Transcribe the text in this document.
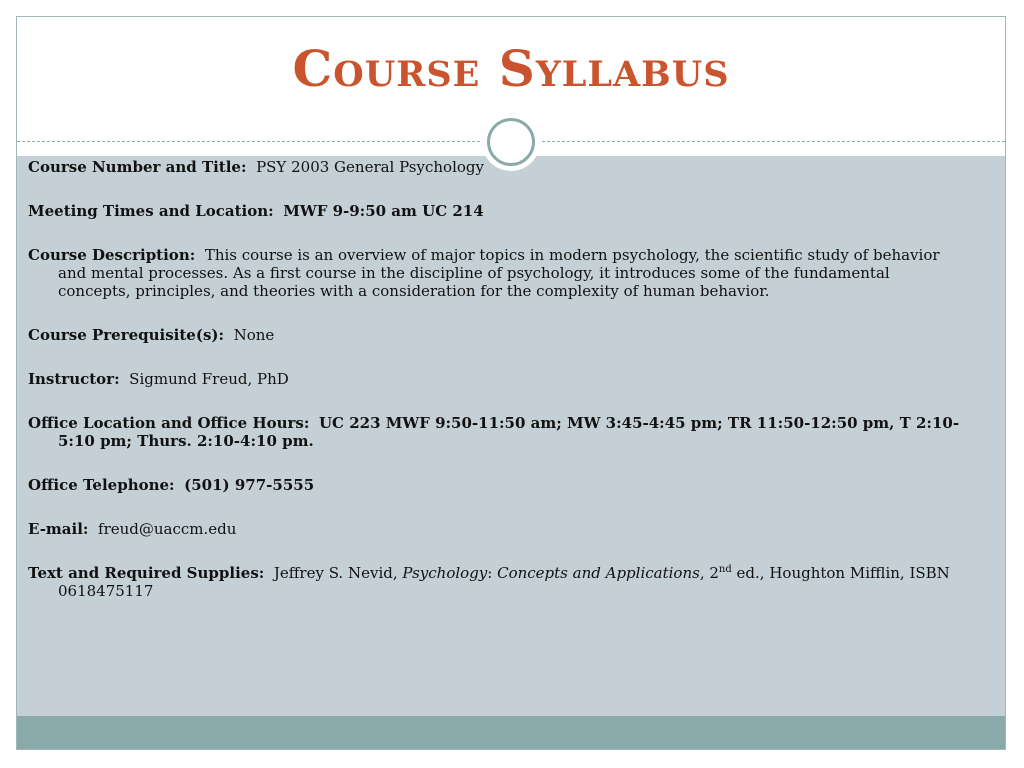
Course Syllabus

Course Number and Title: PSY 2003 General Psychology

Meeting Times and Location: MWF 9-9:50 am UC 214

Course Description: This course is an overview of major topics in modern psychology, the scientific study of behavior and mental processes. As a first course in the discipline of psychology, it introduces some of the fundamental concepts, principles, and theories with a consideration for the complexity of human behavior.

Course Prerequisite(s): None

Instructor: Sigmund Freud, PhD

Office Location and Office Hours: UC 223 MWF 9:50-11:50 am; MW 3:45-4:45 pm; TR 11:50-12:50 pm, T 2:10-5:10 pm; Thurs. 2:10-4:10 pm.

Office Telephone: (501) 977-5555

E-mail: freud@uaccm.edu

Text and Required Supplies: Jeffrey S. Nevid, Psychology: Concepts and Applications, 2nd ed., Houghton Mifflin, ISBN 0618475117
